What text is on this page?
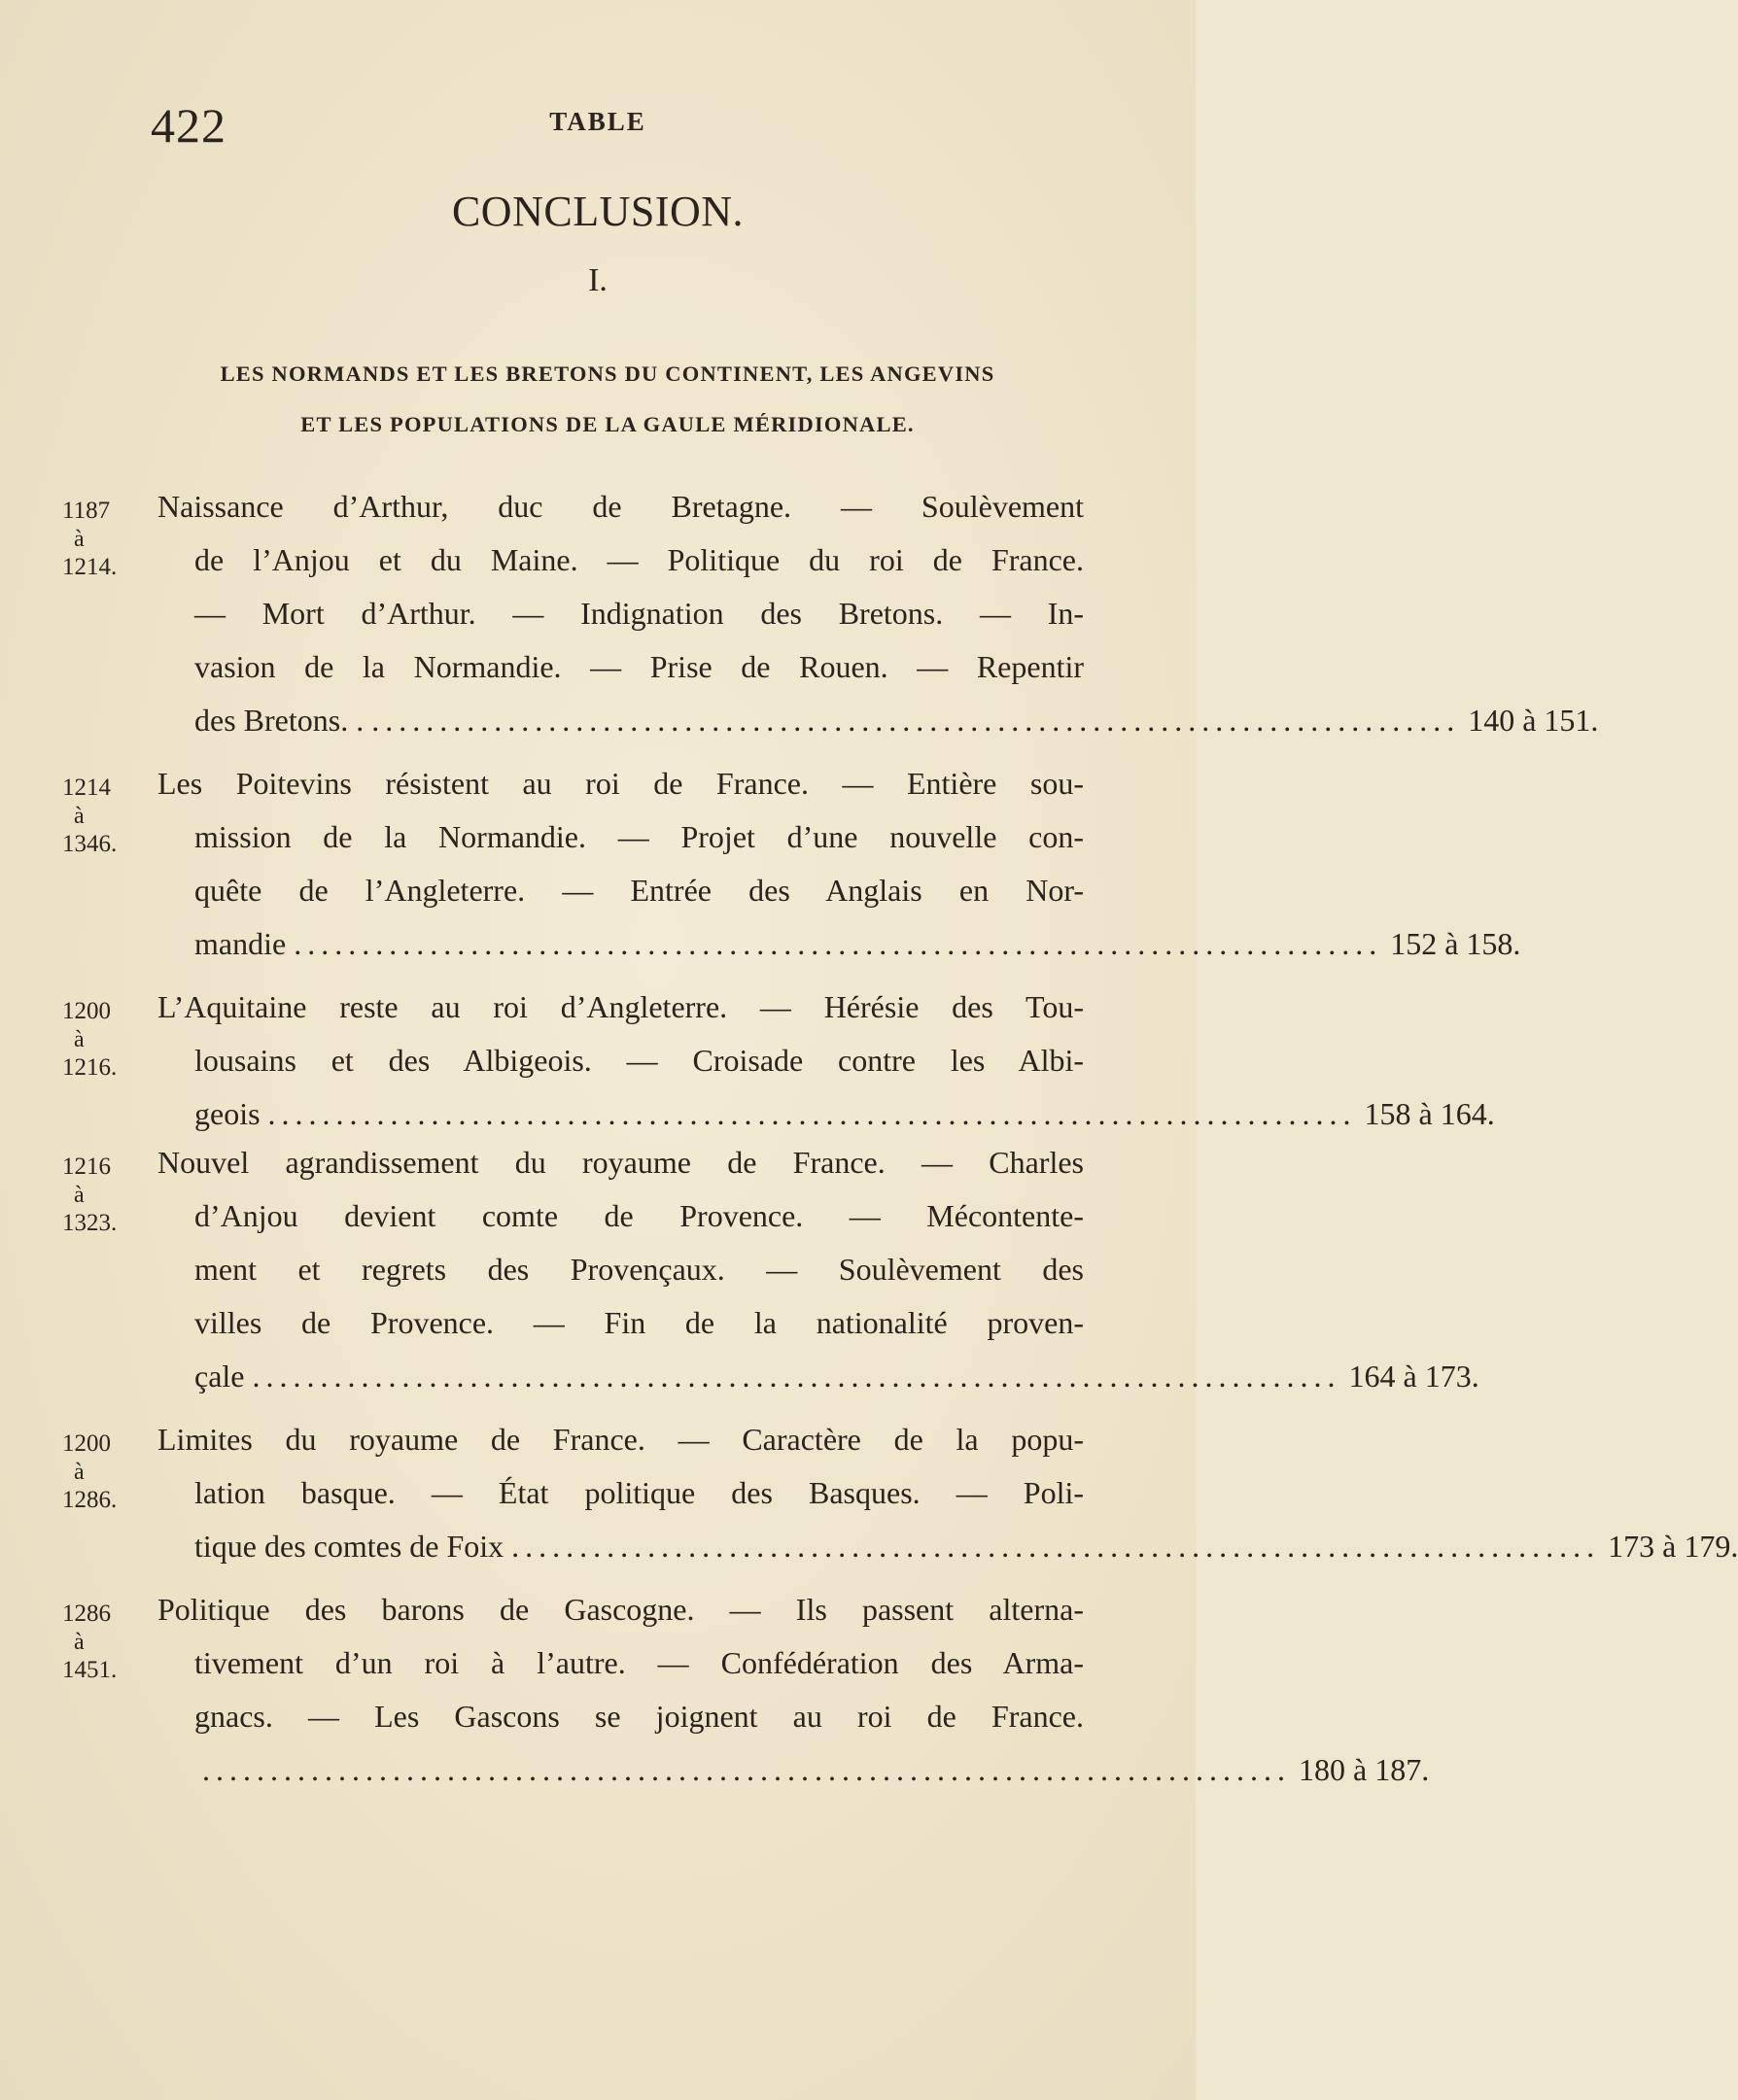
422	TABLE
CONCLUSION.
I.
LES NORMANDS ET LES BRETONS DU CONTINENT, LES ANGEVINS
ET LES POPULATIONS DE LA GAULE MÉRIDIONALE.
1187
à
1214.
Naissance d’Arthur, duc de Bretagne. — Soulèvement
de l’Anjou et du Maine. — Politique du roi de France.
— Mort d’Arthur. — Indignation des Bretons. — In-
vasion de la Normandie. — Prise de Rouen. — Repentir
des Bretons. . ................................................................................ 140 à 151.
1214
à
1346.
Les Poitevins résistent au roi de France. — Entière sou-
mission de la Normandie. — Projet d’une nouvelle con-
quête de l’Angleterre. — Entrée des Anglais en Nor-
mandie ................................................................................ 152 à 158.
1200
à
1216.
L’Aquitaine reste au roi d’Angleterre. — Hérésie des Tou-
lousains et des Albigeois. — Croisade contre les Albi-
geois ................................................................................ 158 à 164.
1216
à
1323.
Nouvel agrandissement du royaume de France. — Charles
d’Anjou devient comte de Provence. — Mécontente-
ment et regrets des Provençaux. — Soulèvement des
villes de Provence. — Fin de la nationalité proven-
çale ................................................................................ 164 à 173.
1200
à
1286.
Limites du royaume de France. — Caractère de la popu-
lation basque. — État politique des Basques. — Poli-
tique des comtes de Foix ................................................................................ 173 à 179.
1286
à
1451.
Politique des barons de Gascogne. — Ils passent alterna-
tivement d’un roi à l’autre. — Confédération des Arma-
gnacs. — Les Gascons se joignent au roi de France.
................................................................................ 180 à 187.
